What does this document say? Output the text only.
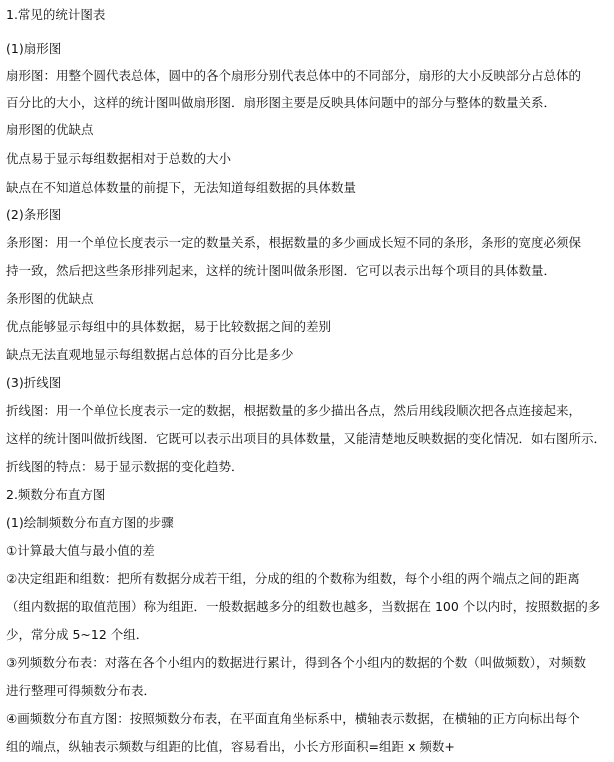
1.常见的统计图表
(1)扇形图
扇形图：用整个圆代表总体，圆中的各个扇形分别代表总体中的不同部分，扇形的大小反映部分占总体的
百分比的大小，这样的统计图叫做扇形图．扇形图主要是反映具体问题中的部分与整体的数量关系．
扇形图的优缺点
优点易于显示每组数据相对于总数的大小
缺点在不知道总体数量的前提下，无法知道每组数据的具体数量
(2)条形图
条形图：用一个单位长度表示一定的数量关系，根据数量的多少画成长短不同的条形，条形的宽度必须保
持一致，然后把这些条形排列起来，这样的统计图叫做条形图．它可以表示出每个项目的具体数量．
条形图的优缺点
优点能够显示每组中的具体数据，易于比较数据之间的差别
缺点无法直观地显示每组数据占总体的百分比是多少
(3)折线图
折线图：用一个单位长度表示一定的数据，根据数量的多少描出各点，然后用线段顺次把各点连接起来，
这样的统计图叫做折线图．它既可以表示出项目的具体数量，又能清楚地反映数据的变化情况．如右图所示．
折线图的特点：易于显示数据的变化趋势．
2.频数分布直方图
(1)绘制频数分布直方图的步骤
①计算最大值与最小值的差
②决定组距和组数：把所有数据分成若干组，分成的组的个数称为组数，每个小组的两个端点之间的距离
（组内数据的取值范围）称为组距．一般数据越多分的组数也越多，当数据在 100 个以内时，按照数据的多
少，常分成 5~12 个组．
③列频数分布表：对落在各个小组内的数据进行累计，得到各个小组内的数据的个数（叫做频数），对频数
进行整理可得频数分布表．
④画频数分布直方图：按照频数分布表，在平面直角坐标系中，横轴表示数据，在横轴的正方向标出每个
组的端点，纵轴表示频数与组距的比值，容易看出，小长方形面积=组距 x 频数+
